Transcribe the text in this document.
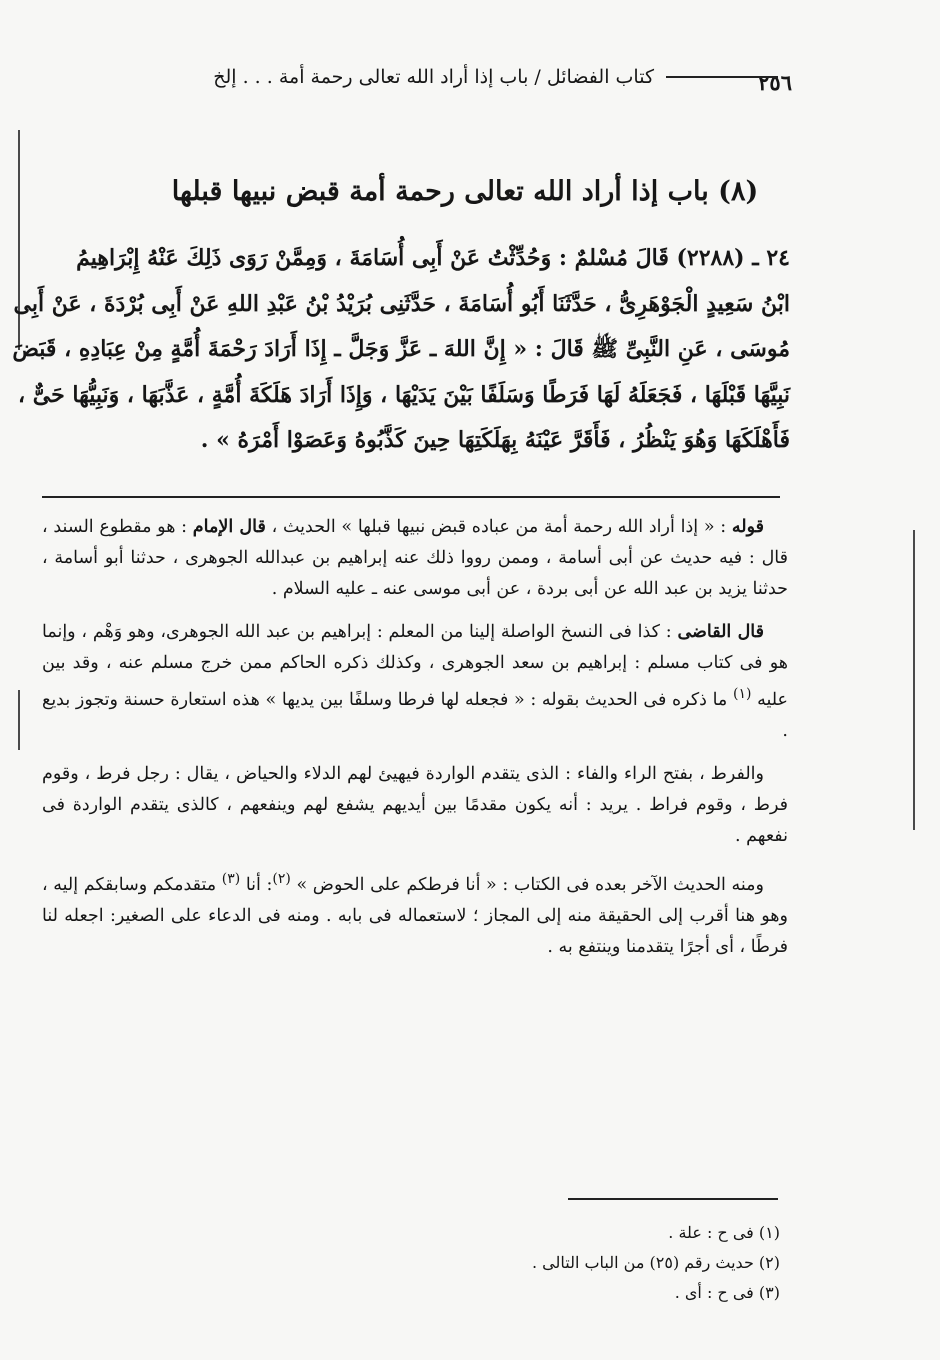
٢٥٦
كتاب الفضائل / باب إذا أراد الله تعالى رحمة أمة . . . إلخ
(٨) باب إذا أراد الله تعالى رحمة أمة قبض نبيها قبلها
٢٤ ـ (٢٢٨٨) قَالَ مُسْلمٌ : وَحُدِّثْتُ عَنْ أَبِى أُسَامَةَ ، وَمِمَّنْ رَوَى ذَلِكَ عَنْهُ إِبْرَاهِيمُ
ابْنُ سَعِيدٍ الْجَوْهَرِىُّ ، حَدَّثَنَا أَبُو أُسَامَةَ ، حَدَّثَنِى بُرَيْدُ بْنُ عَبْدِ اللهِ عَنْ أَبِى بُرْدَةَ ، عَنْ أَبِى
مُوسَى ، عَنِ النَّبِىِّ ﷺ قَالَ : « إِنَّ اللهَ ـ عَزَّ وَجَلَّ ـ إِذَا أَرَادَ رَحْمَةَ أُمَّةٍ مِنْ عِبَادِهِ ، قَبَضَ
نَبِيَّهَا قَبْلَهَا ، فَجَعَلَهُ لَهَا فَرَطًا وَسَلَفًا بَيْنَ يَدَيْهَا ، وَإِذَا أَرَادَ هَلَكَةَ أُمَّةٍ ، عَذَّبَهَا ، وَنَبِيُّهَا حَىٌّ ،
فَأَهْلَكَهَا وَهُوَ يَنْظُرُ ، فَأَقَرَّ عَيْنَهُ بِهَلَكَتِهَا حِينَ كَذَّبُوهُ وَعَصَوْا أَمْرَهُ » .

قوله : « إذا أراد الله رحمة أمة من عباده قبض نبيها قبلها » الحديث ، قال الإمام : هو مقطوع السند ، قال : فيه حديث عن أبى أسامة ، وممن رووا ذلك عنه إبراهيم بن عبدالله الجوهرى ، حدثنا أبو أسامة ، حدثنا يزيد بن عبد الله عن أبى بردة ، عن أبى موسى عنه ـ عليه السلام .

قال القاضى : كذا فى النسخ الواصلة إلينا من المعلم : إبراهيم بن عبد الله الجوهرى، وهو وَهْم ، وإنما هو فى كتاب مسلم : إبراهيم بن سعد الجوهرى ، وكذلك ذكره الحاكم ممن خرج مسلم عنه ، وقد بين عليه $^{(١)}$ ما ذكره فى الحديث بقوله : « فجعله لها فرطا وسلفًا بين يديها » هذه استعارة حسنة وتجوز بديع .

والفرط ، بفتح الراء والفاء : الذى يتقدم الواردة فيهيئ لهم الدلاء والحياض ، يقال : رجل فرط ، وقوم فرط ، وقوم فراط . يريد : أنه يكون مقدمًا بين أيديهم يشفع لهم وينفعهم ، كالذى يتقدم الواردة فى نفعهم .

ومنه الحديث الآخر بعده فى الكتاب : « أنا فرطكم على الحوض » $^{(٢)}$: أنا $^{(٣)}$ متقدمكم وسابقكم إليه ، وهو هنا أقرب إلى الحقيقة منه إلى المجاز ؛ لاستعماله فى بابه . ومنه فى الدعاء على الصغير: اجعله لنا فرطًا ، أى أجرًا يتقدمنا وينتفع به .

(١) فى ح : علة .
(٢) حديث رقم (٢٥) من الباب التالى .
(٣) فى ح : أى .
